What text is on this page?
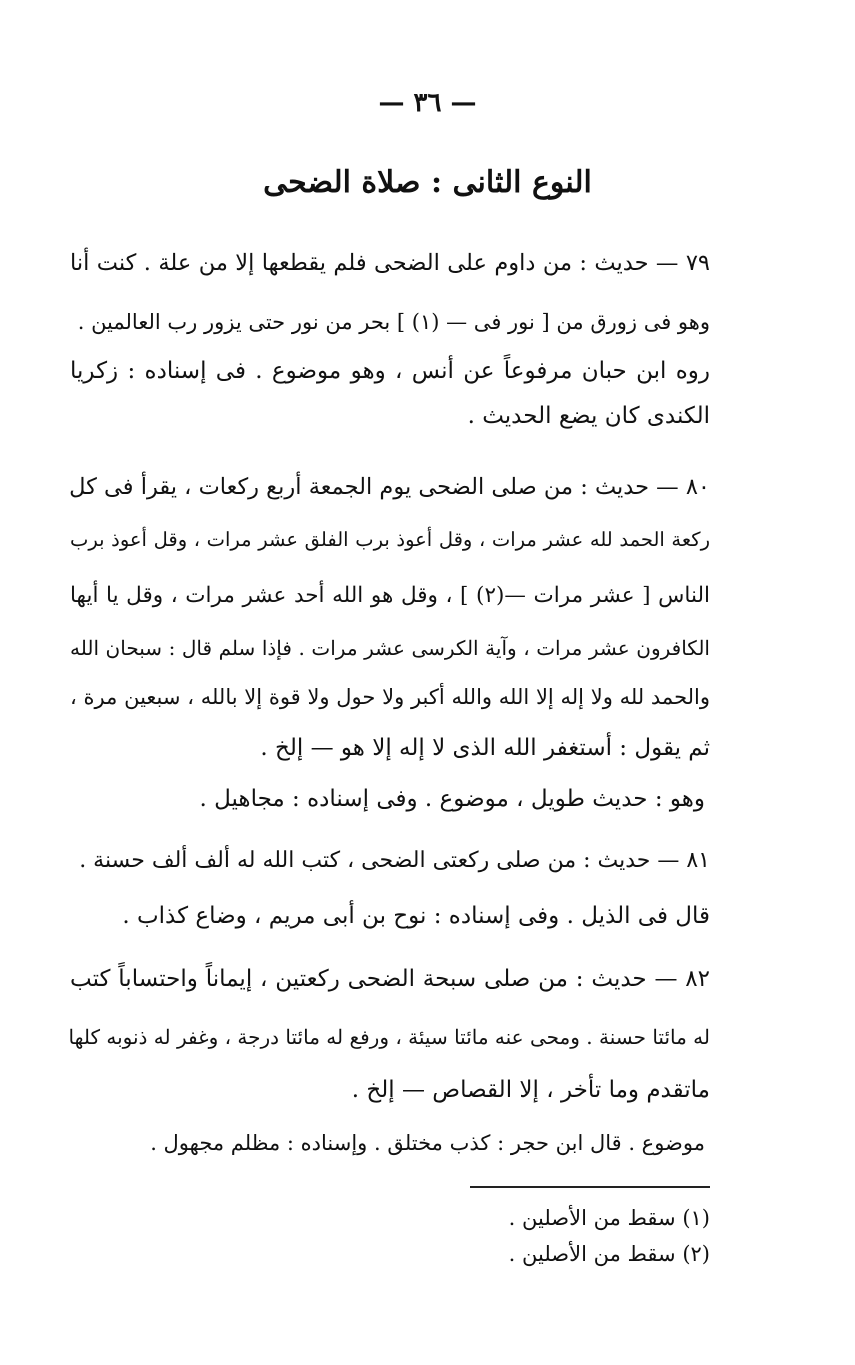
— ٣٦ —
النوع الثانى : صلاة الضحى
٧٩ — حديث : من داوم على الضحى فلم يقطعها إلا من علة . كنت أنا
وهو فى زورق من [ نور فى — (١) ] بحر من نور حتى يزور رب العالمين .
روه ابن حبان مرفوعاً عن أنس ، وهو موضوع . فى إسناده : زكريا
الكندى كان يضع الحديث .
٨٠ — حديث : من صلى الضحى يوم الجمعة أربع ركعات ، يقرأ فى كل
ركعة الحمد لله عشر مرات ، وقل أعوذ برب الفلق عشر مرات ، وقل أعوذ برب
الناس [ عشر مرات —(٢) ] ، وقل هو الله أحد عشر مرات ، وقل يا أيها
الكافرون عشر مرات ، وآية الكرسى عشر مرات . فإذا سلم قال : سبحان الله
والحمد لله ولا إله إلا الله والله أكبر ولا حول ولا قوة إلا بالله ، سبعين مرة ،
ثم يقول : أستغفر الله الذى لا إله إلا هو — إلخ .
وهو : حديث طويل ، موضوع . وفى إسناده : مجاهيل .
٨١ — حديث : من صلى ركعتى الضحى ، كتب الله له ألف ألف حسنة .
قال فى الذيل . وفى إسناده : نوح بن أبى مريم ، وضاع كذاب .
٨٢ — حديث : من صلى سبحة الضحى ركعتين ، إيماناً واحتساباً كتب
له مائتا حسنة . ومحى عنه مائتا سيئة ، ورفع له مائتا درجة ، وغفر له ذنوبه كلها
ماتقدم وما تأخر ، إلا القصاص — إلخ .
موضوع . قال ابن حجر : كذب مختلق . وإسناده : مظلم مجهول .
(١) سقط من الأصلين .
(٢) سقط من الأصلين .
